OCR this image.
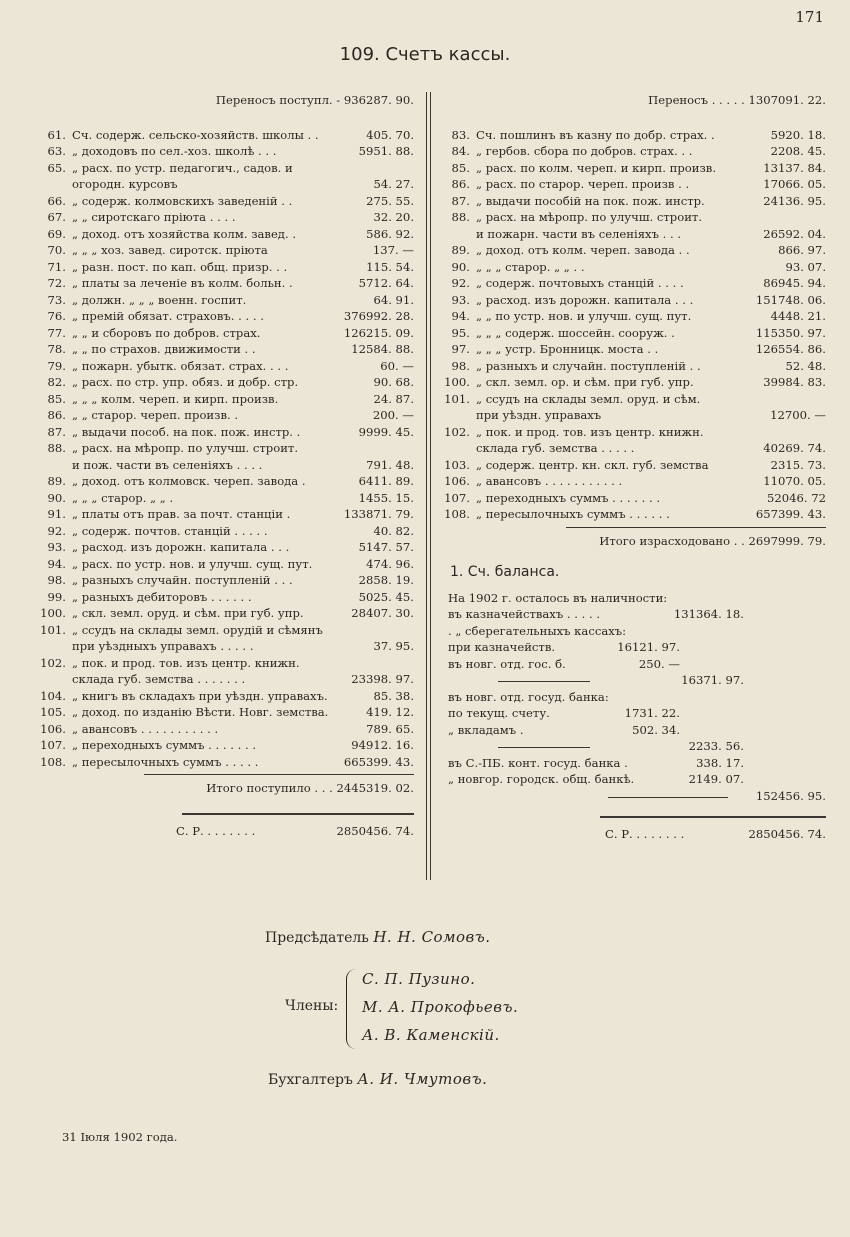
171
109. Счетъ кассы.
Переносъ поступл. - 936287. 90.
61. Сч. содерж. сельско-хозяйств. школы . .	405. 70.
63. „ доходовъ по сел.-хоз. школѣ . . .	5951. 88.
65. „ расх. по устр. педагогич., садов. и
огородн. курсовъ	54. 27.
66. „ содерж. колмовскихъ заведеній . .	275. 55.
67. „ „ сиротскаго пріюта . . . .	32. 20.
69. „ доход. отъ хозяйства колм. завед. .	586. 92.
70. „ „ „ хоз. завед. сиротск. пріюта	137. —
71. „ разн. пост. по кап. общ. призр. . .	115. 54.
72. „ платы за леченіе въ колм. больн. .	5712. 64.
73. „ должн. „ „ „ военн. госпит.	64. 91.
76. „ премій обязат. страховъ. . . . .	376992. 28.
77. „ „ и сборовъ по добров. страх.	126215. 09.
78. „ „ по страхов. движимости . .	12584. 88.
79. „ пожарн. убытк. обязат. страх. . . .	60. —
82. „ расх. по стр. упр. обяз. и добр. стр.	90. 68.
85. „ „ „ колм. череп. и кирп. произв.	24. 87.
86. „ „ старор. череп. произв. .	200. —
87. „ выдачи пособ. на пок. пож. инстр. .	9999. 45.
88. „ расх. на мѣропр. по улучш. строит.
и пож. части въ селеніяхъ . . . .	791. 48.
89. „ доход. отъ колмовск. череп. завода .	6411. 89.
90. „ „ „ старор. „ „ .	1455. 15.
91. „ платы отъ прав. за почт. станціи .	133871. 79.
92. „ содерж. почтов. станцій . . . . .	40. 82.
93. „ расход. изъ дорожн. капитала . . .	5147. 57.
94. „ расх. по устр. нов. и улучш. сущ. пут.	474. 96.
98. „ разныхъ случайн. поступленій . . .	2858. 19.
99. „ разныхъ дебиторовъ . . . . . .	5025. 45.
100. „ скл. земл. оруд. и сѣм. при губ. упр.	28407. 30.
101. „ ссудъ на склады земл. орудій и сѣмянъ
при уѣздныхъ управахъ . . . . .	37. 95.
102. „ пок. и прод. тов. изъ центр. книжн.
склада губ. земства . . . . . . .	23398. 97.
104. „ книгъ въ складахъ при уѣздн. управахъ.	85. 38.
105. „ доход. по изданію Вѣсти. Новг. земства.	419. 12.
106. „ авансовъ . . . . . . . . . . .	789. 65.
107. „ переходныхъ суммъ . . . . . . .	94912. 16.
108. „ пересылочныхъ суммъ . . . . .	665399. 43.
Итого поступило . . . 2445319. 02.
С. Р. . . . . . . .	2850456. 74.
Переносъ . . . . . 1307091. 22.
83. Сч. пошлинъ въ казну по добр. страх. .	5920. 18.
84. „ гербов. сбора по добров. страх. . .	2208. 45.
85. „ расх. по колм. череп. и кирп. произв.	13137. 84.
86. „ расх. по старор. череп. произв . .	17066. 05.
87. „ выдачи пособій на пок. пож. инстр.	24136. 95.
88. „ расх. на мѣропр. по улучш. строит.
и пожарн. части въ селеніяхъ . . .	26592. 04.
89. „ доход. отъ колм. череп. завода . .	866. 97.
90. „ „ „ старор. „ „ . .	93. 07.
92. „ содерж. почтовыхъ станцій . . . .	86945. 94.
93. „ расход. изъ дорожн. капитала . . .	151748. 06.
94. „ „ по устр. нов. и улучш. сущ. пут.	4448. 21.
95. „ „ „ содерж. шоссейн. сооруж. .	115350. 97.
97. „ „ „ устр. Бронницк. моста . .	126554. 86.
98. „ разныхъ и случайн. поступленій . .	52. 48.
100. „ скл. земл. ор. и сѣм. при губ. упр.	39984. 83.
101. „ ссудъ на склады земл. оруд. и сѣм.
при уѣздн. управахъ	12700. —
102. „ пок. и прод. тов. изъ центр. книжн.
склада губ. земства . . . . .	40269. 74.
103. „ содерж. центр. кн. скл. губ. земства	2315. 73.
106. „ авансовъ . . . . . . . . . . .	11070. 05.
107. „ переходныхъ суммъ . . . . . . .	52046. 72
108. „ пересылочныхъ суммъ . . . . . .	657399. 43.
Итого израсходовано . . 2697999. 79.
1. Сч. баланса.
На 1902 г. осталось въ наличности:
въ казначействахъ . . . . .	131364. 18.
. „ сберегательныхъ кассахъ:
при казначейств.	16121. 97.
въ новг. отд. гос. б.	250. —
16371. 97.
въ новг. отд. госуд. банка:
по текущ. счету.	1731. 22.
„ вкладамъ .	502. 34.
2233. 56.
въ С.-ПБ. конт. госуд. банка .	338. 17.
„ новгор. городск. общ. банкѣ.	2149. 07.
152456. 95.
С. Р. . . . . . . .	2850456. 74.
Предсѣдатель Н. Н. Сомовъ.
Члены:
С. П. Пузино.
М. А. Прокофьевъ.
А. В. Каменскій.
Бухгалтеръ А. И. Чмутовъ.
31 Іюля 1902 года.
